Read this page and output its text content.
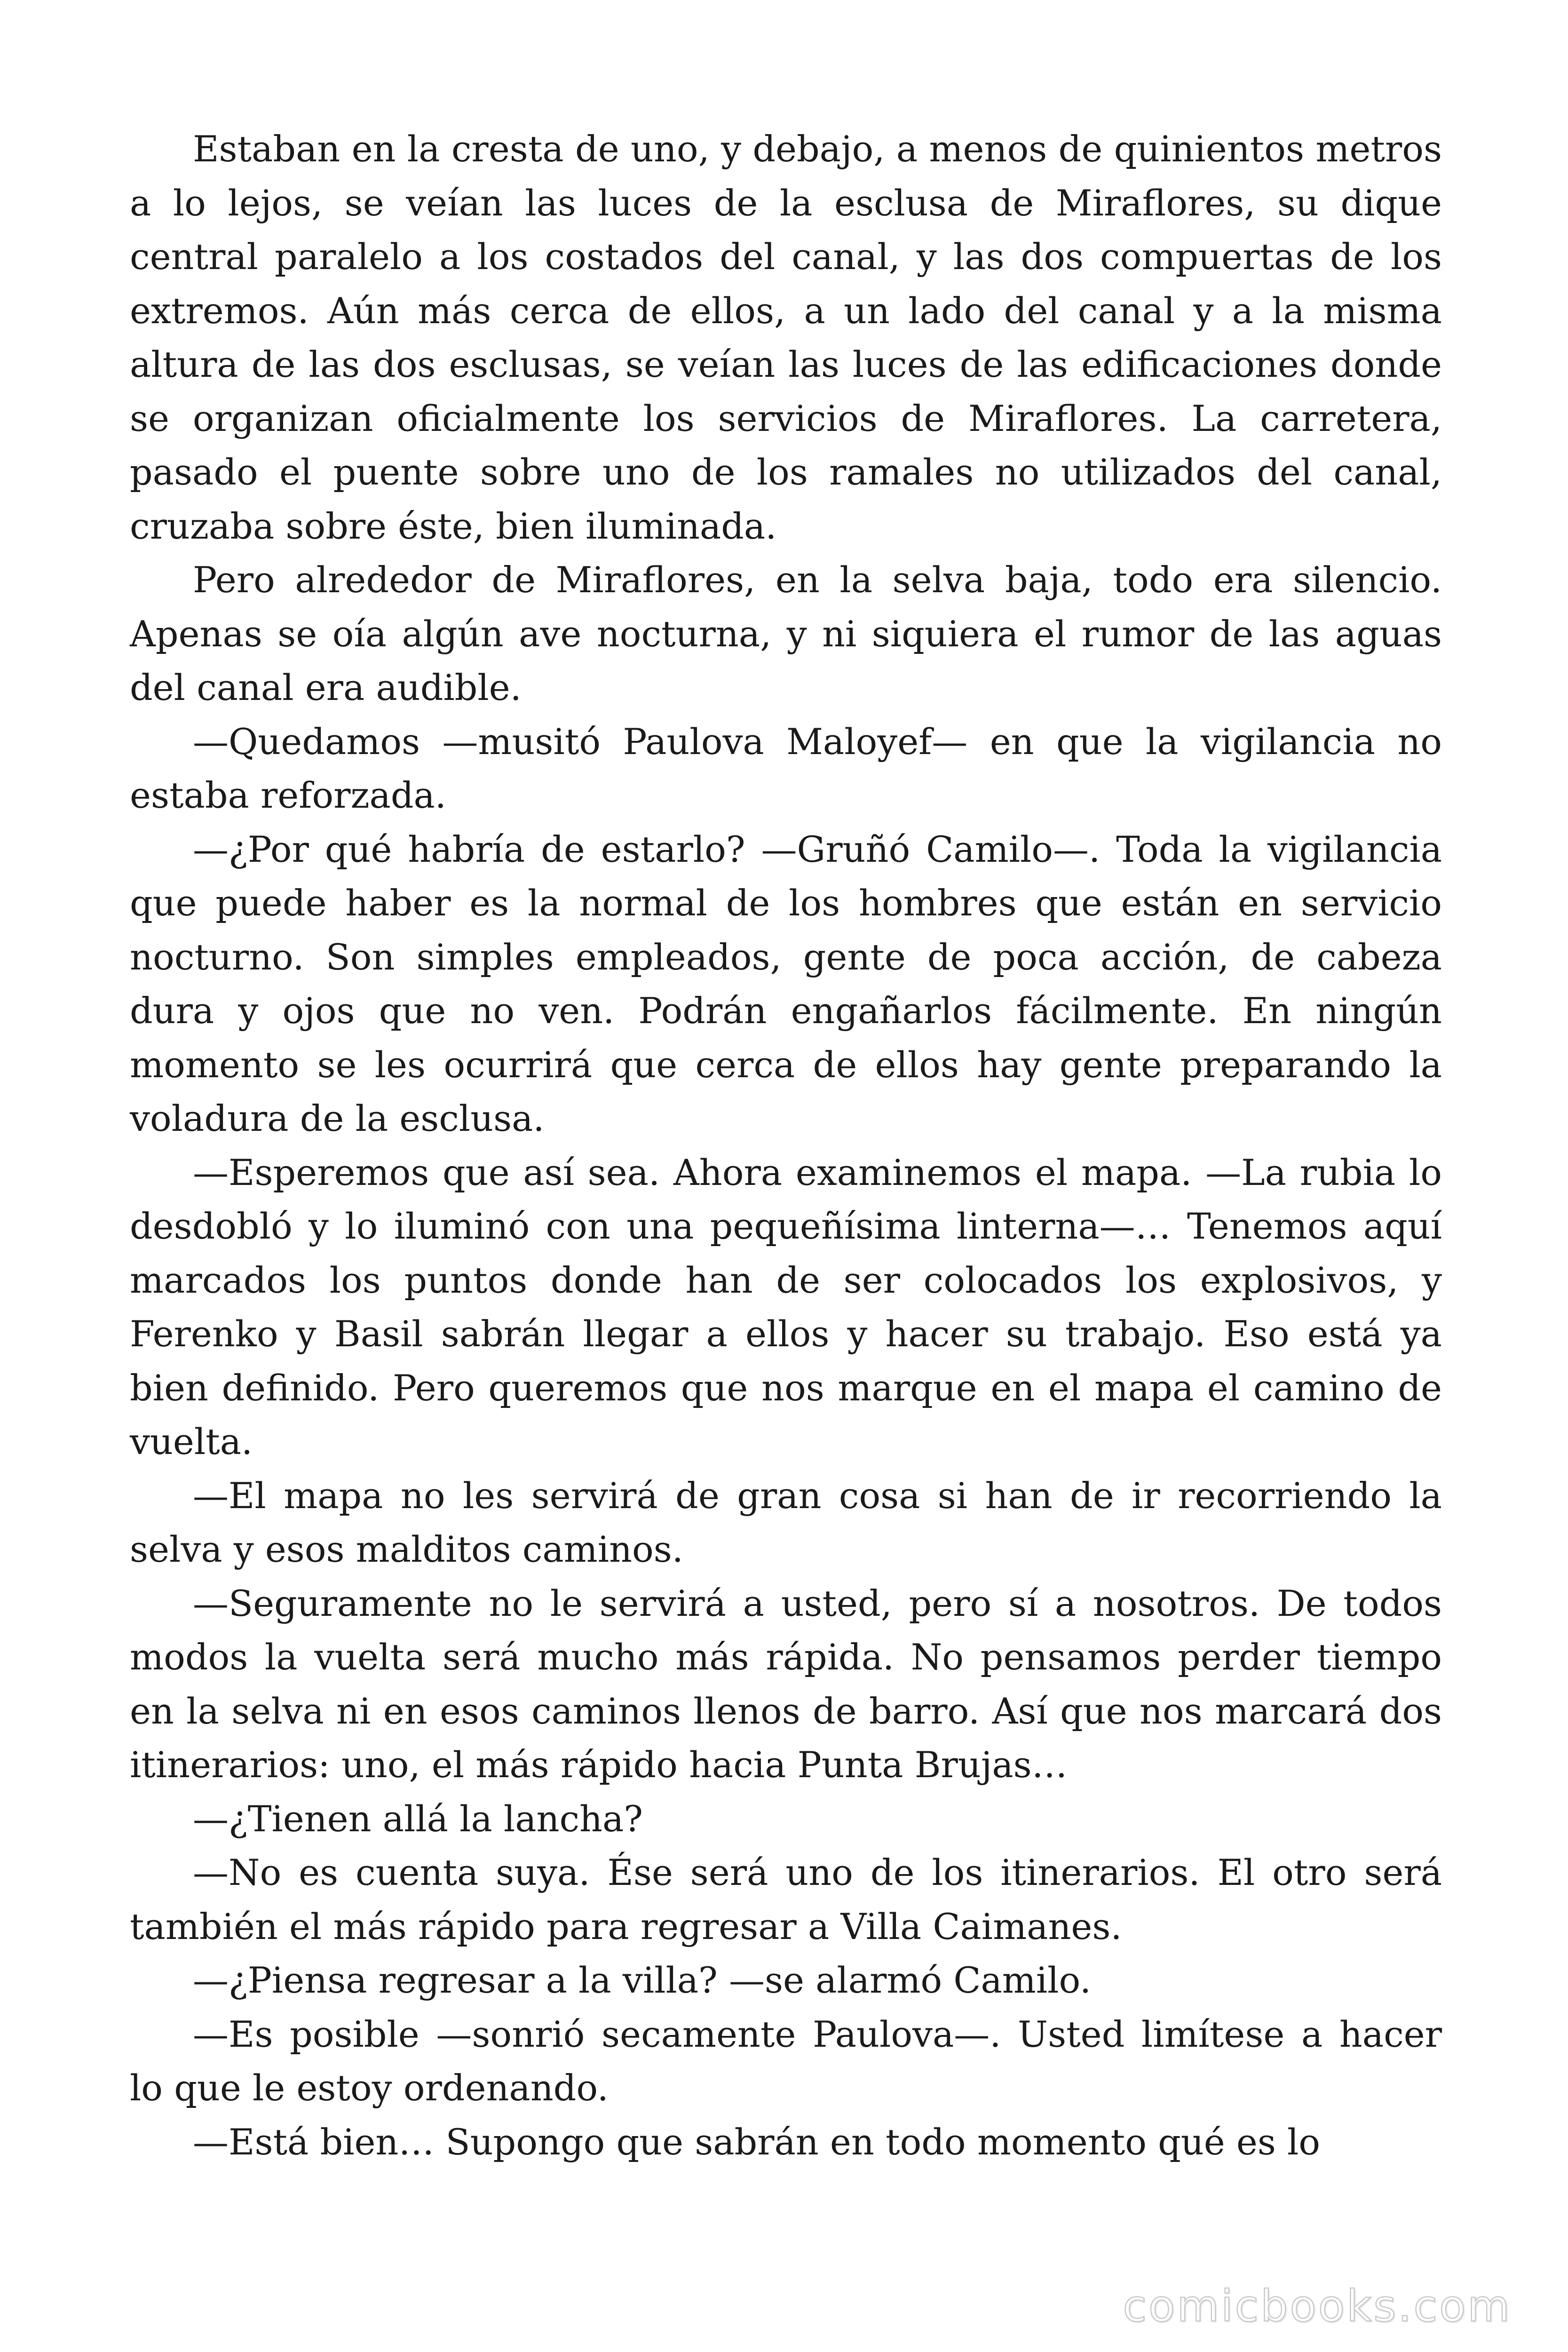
Estaban en la cresta de uno, y debajo, a menos de quinientos metros a lo lejos, se veían las luces de la esclusa de Miraflores, su dique central paralelo a los costados del canal, y las dos compuertas de los extremos. Aún más cerca de ellos, a un lado del canal y a la misma altura de las dos esclusas, se veían las luces de las edificaciones donde se organizan oficialmente los servicios de Miraflores. La carretera, pasado el puente sobre uno de los ramales no utilizados del canal, cruzaba sobre éste, bien iluminada.

Pero alrededor de Miraflores, en la selva baja, todo era silencio. Apenas se oía algún ave nocturna, y ni siquiera el rumor de las aguas del canal era audible.

—Quedamos —musitó Paulova Maloyef— en que la vigilancia no estaba reforzada.

—¿Por qué habría de estarlo? —Gruñó Camilo—. Toda la vigilancia que puede haber es la normal de los hombres que están en servicio nocturno. Son simples empleados, gente de poca acción, de cabeza dura y ojos que no ven. Podrán engañarlos fácilmente. En ningún momento se les ocurrirá que cerca de ellos hay gente preparando la voladura de la esclusa.

—Esperemos que así sea. Ahora examinemos el mapa. —La rubia lo desdobló y lo iluminó con una pequeñísima linterna—… Tenemos aquí marcados los puntos donde han de ser colocados los explosivos, y Ferenko y Basil sabrán llegar a ellos y hacer su trabajo. Eso está ya bien definido. Pero queremos que nos marque en el mapa el camino de vuelta.

—El mapa no les servirá de gran cosa si han de ir recorriendo la selva y esos malditos caminos.

—Seguramente no le servirá a usted, pero sí a nosotros. De todos modos la vuelta será mucho más rápida. No pensamos perder tiempo en la selva ni en esos caminos llenos de barro. Así que nos marcará dos itinerarios: uno, el más rápido hacia Punta Brujas…

—¿Tienen allá la lancha?

—No es cuenta suya. Ése será uno de los itinerarios. El otro será también el más rápido para regresar a Villa Caimanes.

—¿Piensa regresar a la villa? —se alarmó Camilo.

—Es posible —sonrió secamente Paulova—. Usted limítese a hacer lo que le estoy ordenando.

—Está bien… Supongo que sabrán en todo momento qué es lo

comicbooks.com
